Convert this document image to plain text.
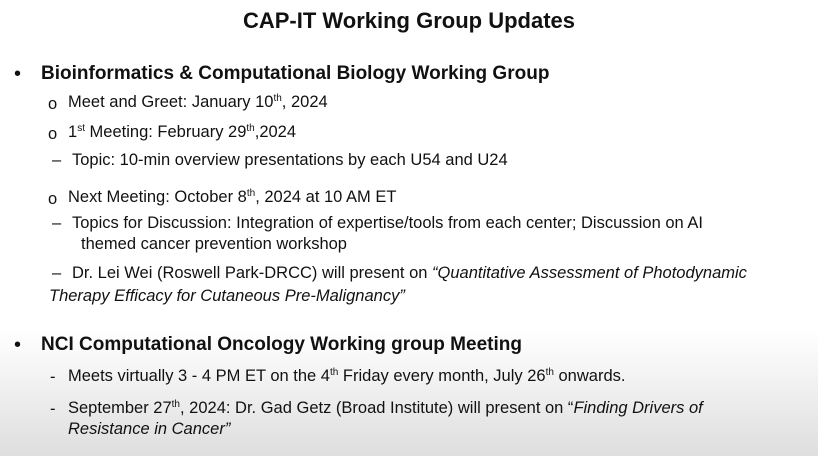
CAP-IT Working Group Updates
• Bioinformatics & Computational Biology Working Group
o Meet and Greet: January 10th, 2024
o 1st Meeting: February 29th,2024
– Topic: 10-min overview presentations by each U54 and U24
o Next Meeting: October 8th, 2024 at 10 AM ET
– Topics for Discussion: Integration of expertise/tools from each center; Discussion on AI
themed cancer prevention workshop
– Dr. Lei Wei (Roswell Park-DRCC) will present on “Quantitative Assessment of Photodynamic
Therapy Efficacy for Cutaneous Pre-Malignancy”
• NCI Computational Oncology Working group Meeting
- Meets virtually 3 - 4 PM ET on the 4th Friday every month, July 26th onwards.
- September 27th, 2024: Dr. Gad Getz (Broad Institute) will present on “Finding Drivers of
Resistance in Cancer”
